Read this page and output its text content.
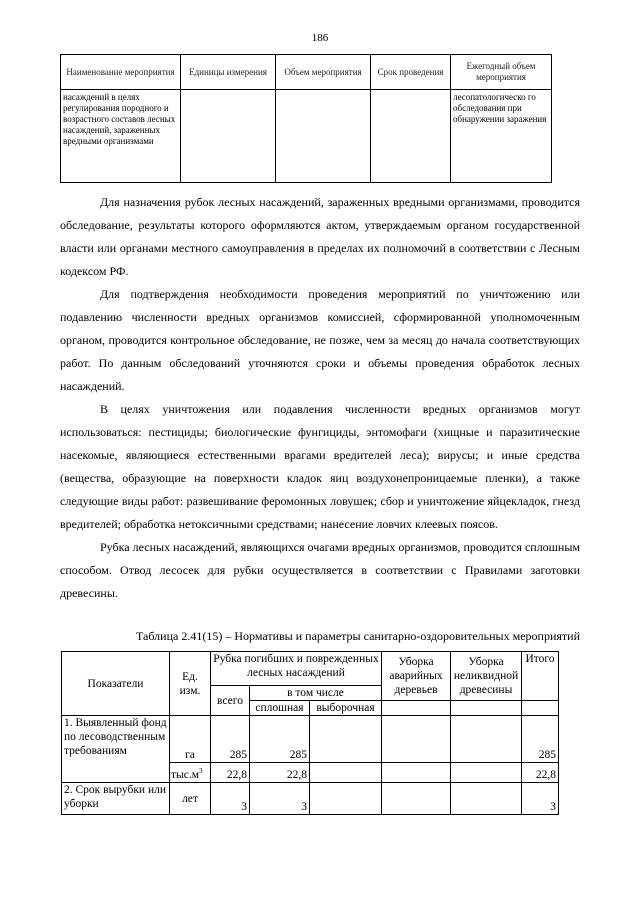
186
Наименование мероприятия	Единицы измерения	Объем мероприятия	Срок проведения	Ежегодный объем мероприятия
насаждений в целях регулирования породного и возрастного составов лесных насаждений, зараженных вредными организмами				лесопатологическо го обследования при обнаружении заражения

Для назначения рубок лесных насаждений, зараженных вредными организмами, проводится обследование, результаты которого оформляются актом, утверждаемым органом государственной власти или органами местного самоуправления в пределах их полномочий в соответствии с Лесным кодексом РФ.

Для подтверждения необходимости проведения мероприятий по уничтожению или подавлению численности вредных организмов комиссией, сформированной уполномоченным органом, проводится контрольное обследование, не позже, чем за месяц до начала соответствующих работ. По данным обследований уточняются сроки и объемы проведения обработок лесных насаждений.

В целях уничтожения или подавления численности вредных организмов могут использоваться: пестициды; биологические фунгициды, энтомофаги (хищные и паразитические насекомые, являющиеся естественными врагами вредителей леса); вирусы; и иные средства (вещества, образующие на поверхности кладок яиц воздухонепроницаемые пленки), а также следующие виды работ: развешивание феромонных ловушек; сбор и уничтожение яйцекладок, гнезд вредителей; обработка нетоксичными средствами; нанесение ловчих клеевых поясов.

Рубка лесных насаждений, являющихся очагами вредных организмов, проводится сплошным способом. Отвод лесосек для рубки осуществляется в соответствии с Правилами заготовки древесины.

Таблица 2.41(15) – Нормативы и параметры санитарно-оздоровительных мероприятий
Показатели	Ед. изм.	Рубка погибших и поврежденных лесных насаждений			Уборка аварийных деревьев	Уборка неликвидной древесины	Итого
		всего	в том числе				
			сплошная	выборочная			
1. Выявленный фонд по лесоводственным требованиям	га	285	285				285
	$тыс.м^3$	22,8	22,8				22,8
2. Срок вырубки или уборки	лет	3	3				3
